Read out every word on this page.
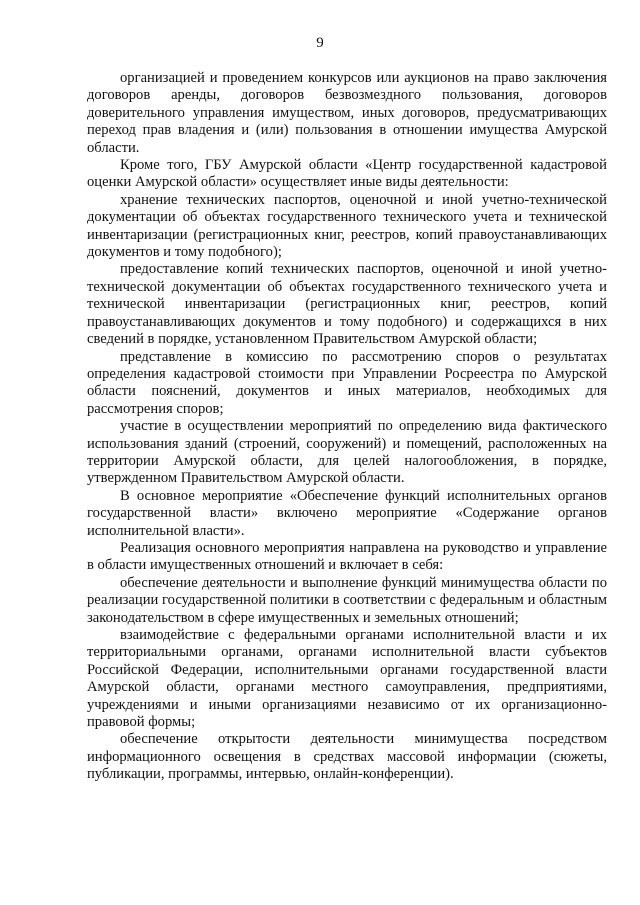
9

организацией и проведением конкурсов или аукционов на право заключения договоров аренды, договоров безвозмездного пользования, договоров доверительного управления имуществом, иных договоров, предусматривающих переход прав владения и (или) пользования в отношении имущества Амурской области.

Кроме того, ГБУ Амурской области «Центр государственной кадастровой оценки Амурской области» осуществляет иные виды деятельности:

хранение технических паспортов, оценочной и иной учетно-технической документации об объектах государственного технического учета и технической инвентаризации (регистрационных книг, реестров, копий правоустанавливающих документов и тому подобного);

предоставление копий технических паспортов, оценочной и иной учетно-технической документации об объектах государственного технического учета и технической инвентаризации (регистрационных книг, реестров, копий правоустанавливающих документов и тому подобного) и содержащихся в них сведений в порядке, установленном Правительством Амурской области;

представление в комиссию по рассмотрению споров о результатах определения кадастровой стоимости при Управлении Росреестра по Амурской области пояснений, документов и иных материалов, необходимых для рассмотрения споров;

участие в осуществлении мероприятий по определению вида фактического использования зданий (строений, сооружений) и помещений, расположенных на территории Амурской области, для целей налогообложения, в порядке, утвержденном Правительством Амурской области.

В основное мероприятие «Обеспечение функций исполнительных органов государственной власти» включено мероприятие «Содержание органов исполнительной власти».

Реализация основного мероприятия направлена на руководство и управление в области имущественных отношений и включает в себя:

обеспечение деятельности и выполнение функций минимущества области по реализации государственной политики в соответствии с федеральным и областным законодательством в сфере имущественных и земельных отношений;

взаимодействие с федеральными органами исполнительной власти и их территориальными органами, органами исполнительной власти субъектов Российской Федерации, исполнительными органами государственной власти Амурской области, органами местного самоуправления, предприятиями, учреждениями и иными организациями независимо от их организационно-правовой формы;

обеспечение открытости деятельности минимущества посредством информационного освещения в средствах массовой информации (сюжеты, публикации, программы, интервью, онлайн-конференции).
